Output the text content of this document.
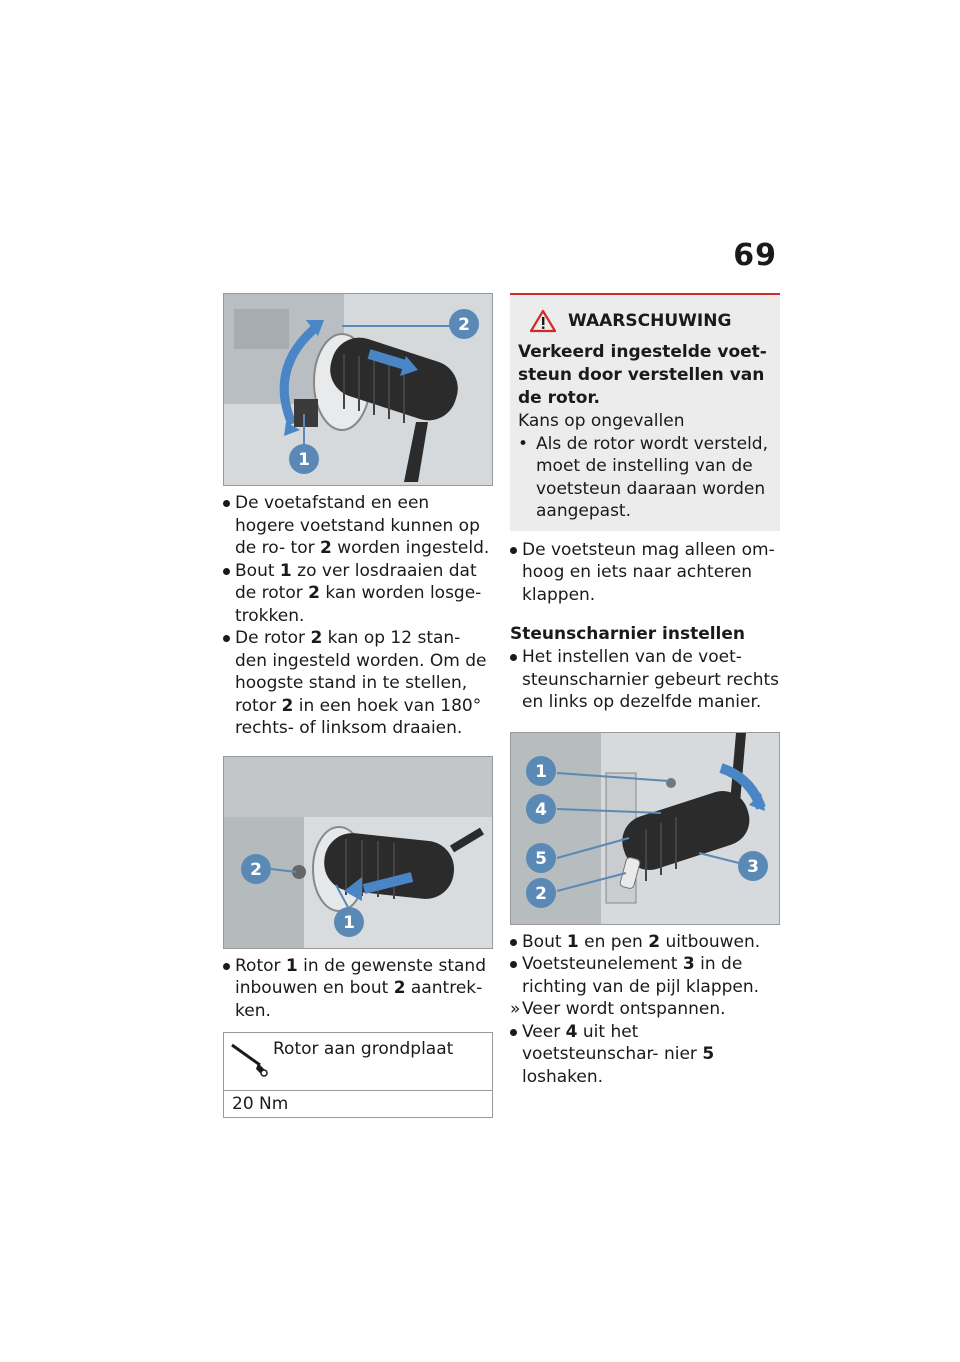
69
2
1
De voetafstand en een hogere voetstand kunnen op de ro- tor 2 worden ingesteld.
Bout 1 zo ver losdraaien dat de rotor 2 kan worden losge- trokken.
De rotor 2 kan op 12 stan- den ingesteld worden. Om de hoogste stand in te stellen, rotor 2 in een hoek van 180° rechts- of linksom draaien.
2
1
Rotor 1 in de gewenste stand inbouwen en bout 2 aantrek- ken.
Rotor aan grondplaat
20 Nm
WAARSCHUWING
Verkeerd ingestelde voet- steun door verstellen van de rotor.
Kans op ongevallen
• Als de rotor wordt versteld, moet de instelling van de voetsteun daaraan worden aangepast.
De voetsteun mag alleen om- hoog en iets naar achteren klappen.
Steunscharnier instellen
Het instellen van de voet- steunscharnier gebeurt rechts en links op dezelfde manier.
1
4
5
2
3
Bout 1 en pen 2 uitbouwen.
Voetsteunelement 3 in de richting van de pijl klappen.
» Veer wordt ontspannen.
Veer 4 uit het voetsteunschar- nier 5 loshaken.
